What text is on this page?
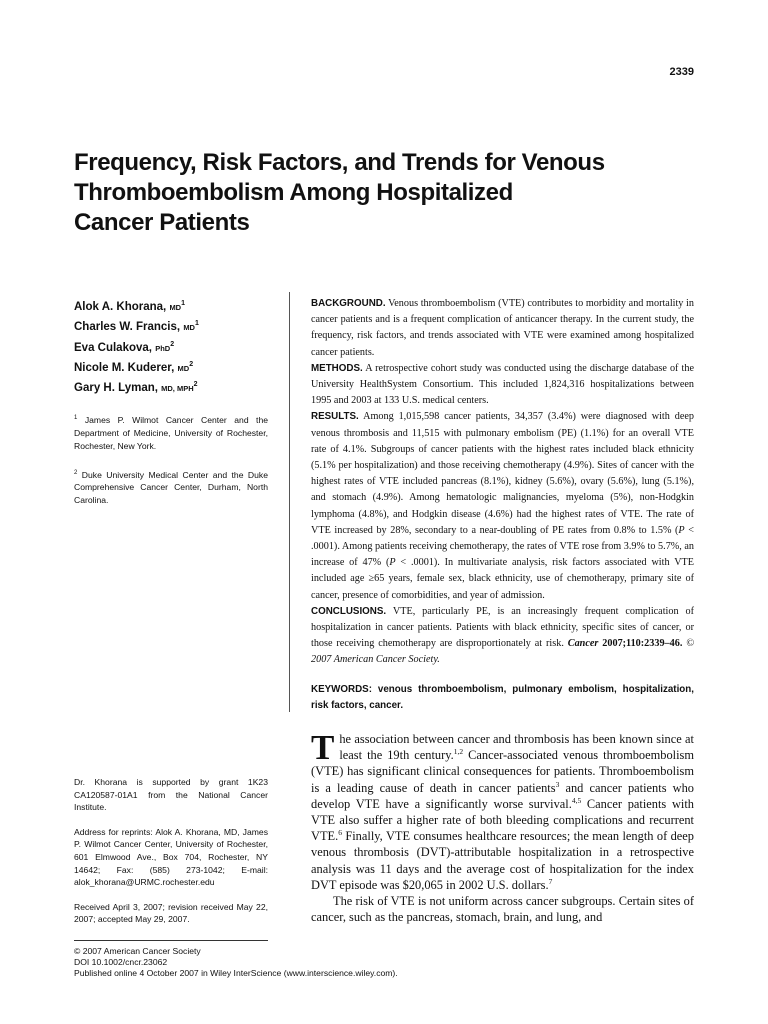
2339
Frequency, Risk Factors, and Trends for Venous
Thromboembolism Among Hospitalized
Cancer Patients
Alok A. Khorana, $MD^1$
Charles W. Francis, $MD^1$
Eva Culakova, PhD$^2$
Nicole M. Kuderer, $MD^2$
Gary H. Lyman, MD, MPH$^2$
$^1$ James P. Wilmot Cancer Center and the Department of Medicine, University of Rochester, Rochester, New York.
$^2$ Duke University Medical Center and the Duke Comprehensive Cancer Center, Durham, North Carolina.

BACKGROUND. Venous thromboembolism (VTE) contributes to morbidity and mortality in cancer patients and is a frequent complication of anticancer therapy. In the current study, the frequency, risk factors, and trends associated with VTE were examined among hospitalized cancer patients.

METHODS. A retrospective cohort study was conducted using the discharge database of the University HealthSystem Consortium. This included 1,824,316 hospitalizations between 1995 and 2003 at 133 U.S. medical centers.

RESULTS. Among 1,015,598 cancer patients, 34,357 (3.4%) were diagnosed with deep venous thrombosis and 11,515 with pulmonary embolism (PE) (1.1%) for an overall VTE rate of 4.1%. Subgroups of cancer patients with the highest rates included black ethnicity (5.1% per hospitalization) and those receiving chemotherapy (4.9%). Sites of cancer with the highest rates of VTE included pancreas (8.1%), kidney (5.6%), ovary (5.6%), lung (5.1%), and stomach (4.9%). Among hematologic malignancies, myeloma (5%), non-Hodgkin lymphoma (4.8%), and Hodgkin disease (4.6%) had the highest rates of VTE. The rate of VTE increased by 28%, secondary to a near-doubling of PE rates from 0.8% to 1.5% (P < .0001). Among patients receiving chemotherapy, the rates of VTE rose from 3.9% to 5.7%, an increase of 47% (P < .0001). In multivariate analysis, risk factors associated with VTE included age ≥65 years, female sex, black ethnicity, use of chemotherapy, primary site of cancer, presence of comorbidities, and year of admission.

CONCLUSIONS. VTE, particularly PE, is an increasingly frequent complication of hospitalization in cancer patients. Patients with black ethnicity, specific sites of cancer, or those receiving chemotherapy are disproportionately at risk. Cancer 2007;110:2339–46. © 2007 American Cancer Society.

KEYWORDS: venous thromboembolism, pulmonary embolism, hospitalization, risk factors, cancer.

The association between cancer and thrombosis has been known since at least the 19th century.$^{1,2}$ Cancer-associated venous thromboembolism (VTE) has significant clinical consequences for patients. Thromboembolism is a leading cause of death in cancer patients$^3$ and cancer patients who develop VTE have a significantly worse survival.$^{4,5}$ Cancer patients with VTE also suffer a higher rate of both bleeding complications and recurrent VTE.$^6$ Finally, VTE consumes healthcare resources; the mean length of deep venous thrombosis (DVT)-attributable hospitalization in a retrospective analysis was 11 days and the average cost of hospitalization for the index DVT episode was $20,065 in 2002 U.S. dollars.$^7$

The risk of VTE is not uniform across cancer subgroups. Certain sites of cancer, such as the pancreas, stomach, brain, and lung, and

Dr. Khorana is supported by grant 1K23 CA120587-01A1 from the National Cancer Institute.

Address for reprints: Alok A. Khorana, MD, James P. Wilmot Cancer Center, University of Rochester, 601 Elmwood Ave., Box 704, Rochester, NY 14642; Fax: (585) 273-1042; E-mail: alok_khorana@URMC.rochester.edu

Received April 3, 2007; revision received May 22, 2007; accepted May 29, 2007.

© 2007 American Cancer Society
DOI 10.1002/cncr.23062
Published online 4 October 2007 in Wiley InterScience (www.interscience.wiley.com).
